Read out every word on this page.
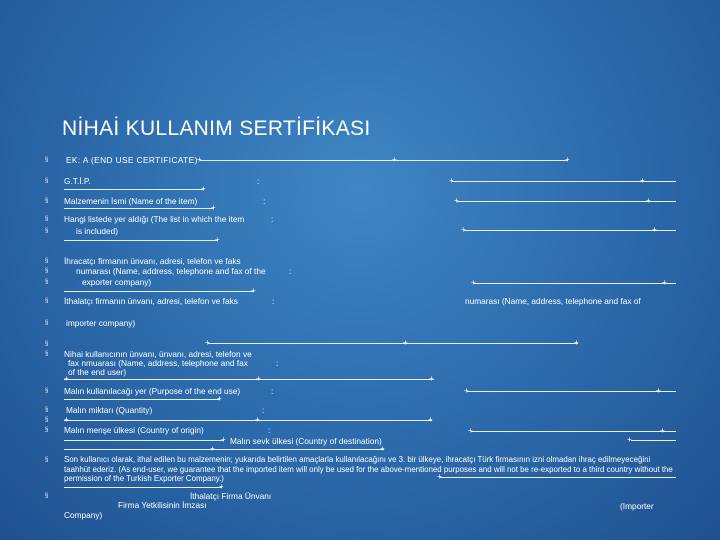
NİHAİ KULLANIM SERTİFİKASI
§
§
§
§
§
§
§
§
§
§
§
§
§
§
§
§
§
§
EK: A (END USE CERTIFICATE) +	+	+
G.T.İ.P.	:	+	+
+
Malzemenin İsmi (Name of the item)	:	+	+
+
Hangi listede yer aldığı (The list in which the item	:
is included)	+	+
+
İhracatçı firmanın ünvanı, adresi, telefon ve faks
numarası (Name, address, telephone and fax of the	:
exporter company)	+	+
+
İthalatçı firmanın ünvanı, adresi, telefon ve faks	:	numarası (Name, address, telephone and fax of
importer company)
+	+	+
Nihai kullanıcının ünvanı, ünvanı, adresi, telefon ve
fax nmuarası (Name, address, telephone and fax	:
of the end user)
+	+	+
Malın kullanılacağı yer (Purpose of the end use)	:	+	+
+
Malın miktarı (Quantity)	:
+	+	+
Malın menşe ülkesi (Country of origin)	:	+	+
+ Malın sevk ülkesi (Country of destination)	+
+	+
Son kullanıcı olarak, ithal edilen bu malzemenin; yukarıda belirtilen amaçlarla kullanılacağını ve 3. bir ülkeye, ihracatçı Türk firmasının izni olmadan ihraç edilmeyeceğini taahhüt ederiz. (As end-user, we guarantee that the imported item will only be used for the above-mentioned purposes and will not be re-exported to a third country without the permission of the Turkish Exporter Company.)	+
+
İthalatçı Firma Ünvanı
Firma Yetkilisinin İmzası	(Importer
Company)
